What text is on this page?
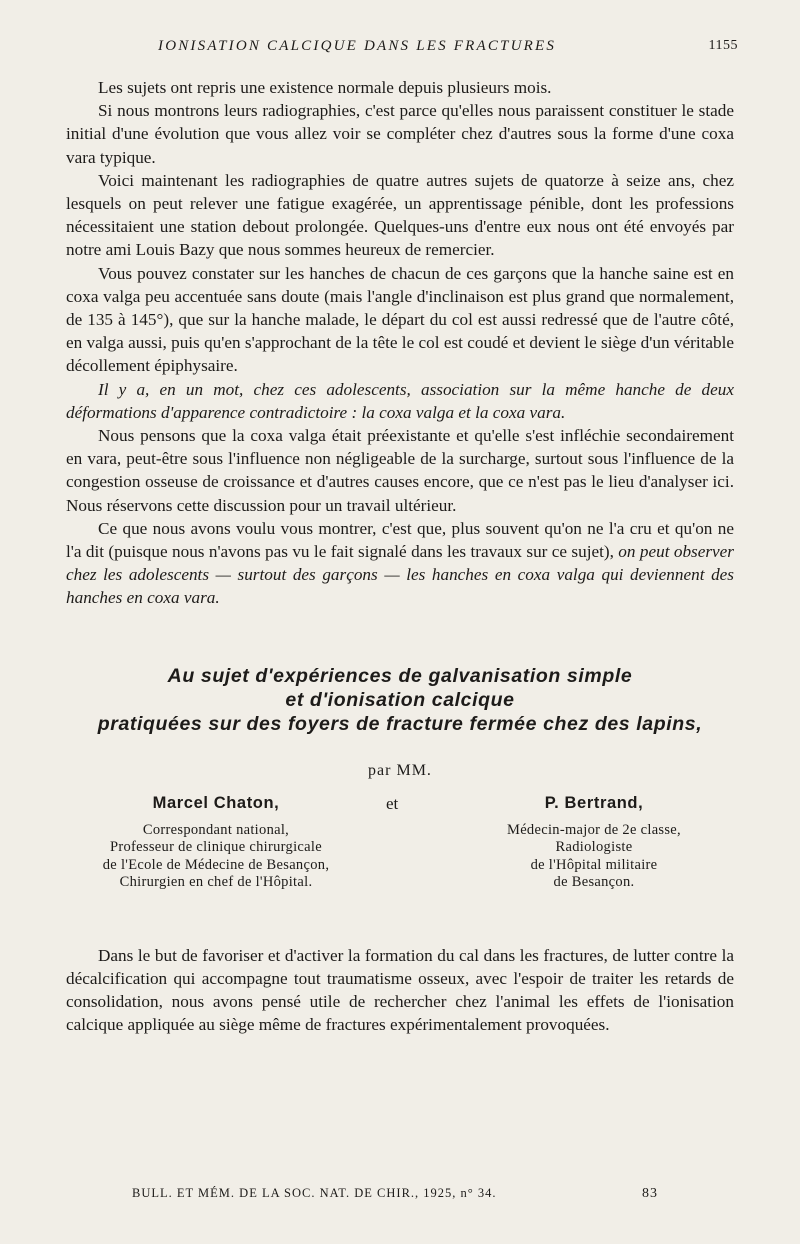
IONISATION CALCIQUE DANS LES FRACTURES	1155

Les sujets ont repris une existence normale depuis plusieurs mois.

Si nous montrons leurs radiographies, c'est parce qu'elles nous paraissent constituer le stade initial d'une évolution que vous allez voir se compléter chez d'autres sous la forme d'une coxa vara typique.

Voici maintenant les radiographies de quatre autres sujets de quatorze à seize ans, chez lesquels on peut relever une fatigue exagérée, un apprentissage pénible, dont les professions nécessitaient une station debout prolongée. Quelques-uns d'entre eux nous ont été envoyés par notre ami Louis Bazy que nous sommes heureux de remercier.

Vous pouvez constater sur les hanches de chacun de ces garçons que la hanche saine est en coxa valga peu accentuée sans doute (mais l'angle d'inclinaison est plus grand que normalement, de 135 à 145°), que sur la hanche malade, le départ du col est aussi redressé que de l'autre côté, en valga aussi, puis qu'en s'approchant de la tête le col est coudé et devient le siège d'un véritable décollement épiphysaire.

Il y a, en un mot, chez ces adolescents, association sur la même hanche de deux déformations d'apparence contradictoire : la coxa valga et la coxa vara.

Nous pensons que la coxa valga était préexistante et qu'elle s'est infléchie secondairement en vara, peut-être sous l'influence non négligeable de la surcharge, surtout sous l'influence de la congestion osseuse de croissance et d'autres causes encore, que ce n'est pas le lieu d'analyser ici. Nous réservons cette discussion pour un travail ultérieur.

Ce que nous avons voulu vous montrer, c'est que, plus souvent qu'on ne l'a cru et qu'on ne l'a dit (puisque nous n'avons pas vu le fait signalé dans les travaux sur ce sujet), on peut observer chez les adolescents — surtout des garçons — les hanches en coxa valga qui deviennent des hanches en coxa vara.

Au sujet d'expériences de galvanisation simple
et d'ionisation calcique
pratiquées sur des foyers de fracture fermée chez des lapins,
par MM.
Marcel Chaton,
Correspondant national,
Professeur de clinique chirurgicale
de l'Ecole de Médecine de Besançon,
Chirurgien en chef de l'Hôpital.
et	P. Bertrand,
Médecin-major de 2e classe,
Radiologiste
de l'Hôpital militaire
de Besançon.

Dans le but de favoriser et d'activer la formation du cal dans les fractures, de lutter contre la décalcification qui accompagne tout traumatisme osseux, avec l'espoir de traiter les retards de consolidation, nous avons pensé utile de rechercher chez l'animal les effets de l'ionisation calcique appliquée au siège même de fractures expérimentalement provoquées.

BULL. ET MÉM. DE LA SOC. NAT. DE CHIR., 1925, n° 34.	83
